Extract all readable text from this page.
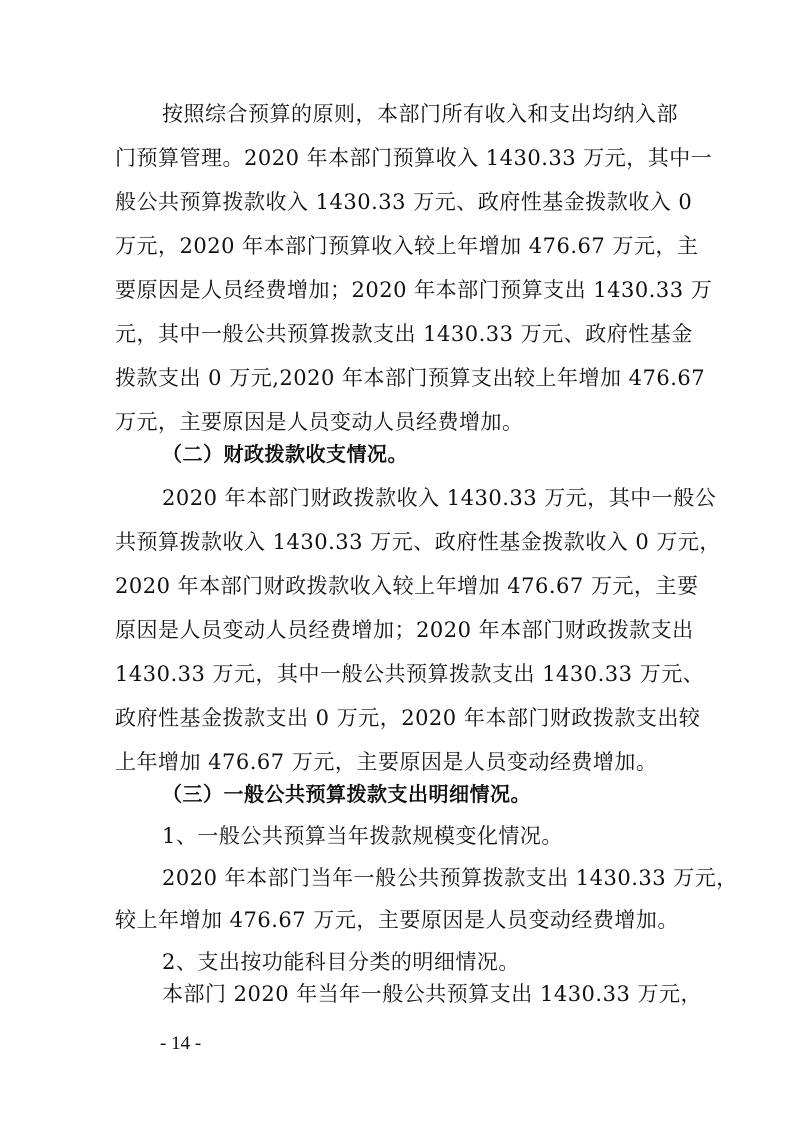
按照综合预算的原则，本部门所有收入和支出均纳入部
门预算管理。2020 年本部门预算收入 1430.33 万元，其中一
般公共预算拨款收入 1430.33 万元、政府性基金拨款收入 0
万元，2020 年本部门预算收入较上年增加 476.67 万元，主
要原因是人员经费增加；2020 年本部门预算支出 1430.33 万
元，其中一般公共预算拨款支出 1430.33 万元、政府性基金
拨款支出 0 万元,2020 年本部门预算支出较上年增加 476.67
万元，主要原因是人员变动人员经费增加。
（二）财政拨款收支情况。
2020 年本部门财政拨款收入 1430.33 万元，其中一般公
共预算拨款收入 1430.33 万元、政府性基金拨款收入 0 万元，
2020 年本部门财政拨款收入较上年增加 476.67 万元，主要
原因是人员变动人员经费增加；2020 年本部门财政拨款支出
1430.33 万元，其中一般公共预算拨款支出 1430.33 万元、
政府性基金拨款支出 0 万元，2020 年本部门财政拨款支出较
上年增加 476.67 万元，主要原因是人员变动经费增加。
（三）一般公共预算拨款支出明细情况。
1、一般公共预算当年拨款规模变化情况。
2020 年本部门当年一般公共预算拨款支出 1430.33 万元，
较上年增加 476.67 万元，主要原因是人员变动经费增加。
2、支出按功能科目分类的明细情况。
本部门 2020 年当年一般公共预算支出 1430.33 万元，
- 14 -
